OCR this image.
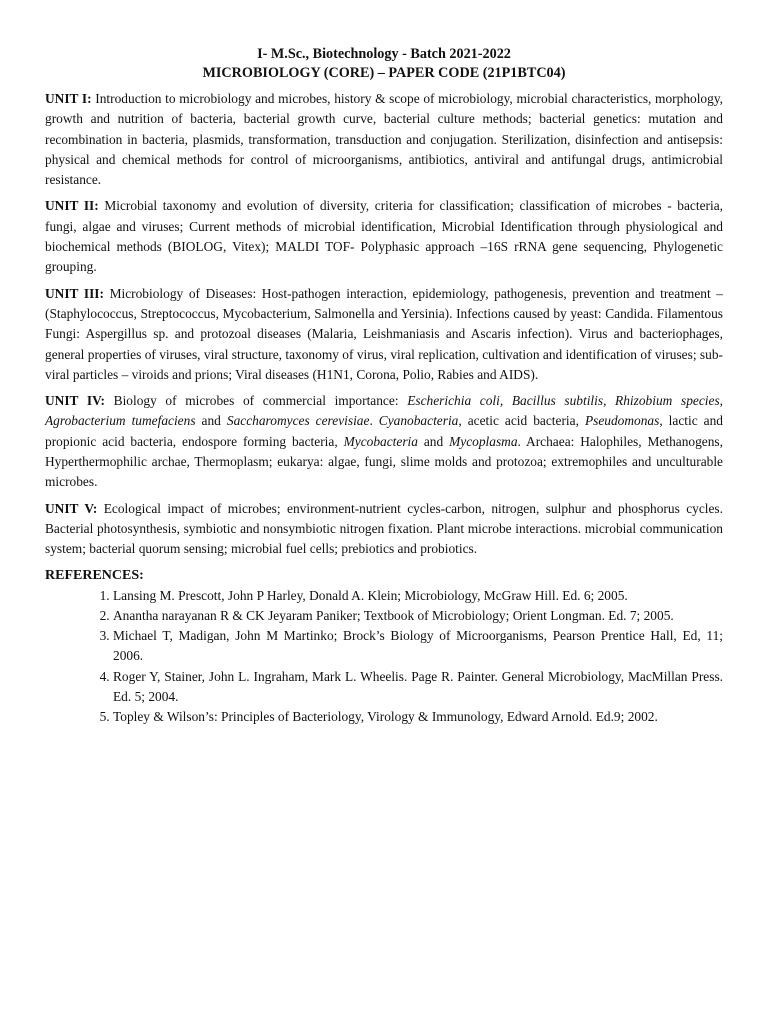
I- M.Sc., Biotechnology - Batch 2021-2022

MICROBIOLOGY (CORE) – PAPER CODE (21P1BTC04)

UNIT I: Introduction to microbiology and microbes, history & scope of microbiology, microbial characteristics, morphology, growth and nutrition of bacteria, bacterial growth curve, bacterial culture methods; bacterial genetics: mutation and recombination in bacteria, plasmids, transformation, transduction and conjugation. Sterilization, disinfection and antisepsis: physical and chemical methods for control of microorganisms, antibiotics, antiviral and antifungal drugs, antimicrobial resistance.

UNIT II: Microbial taxonomy and evolution of diversity, criteria for classification; classification of microbes - bacteria, fungi, algae and viruses; Current methods of microbial identification, Microbial Identification through physiological and biochemical methods (BIOLOG, Vitex); MALDI TOF- Polyphasic approach –16S rRNA gene sequencing, Phylogenetic grouping.

UNIT III: Microbiology of Diseases: Host-pathogen interaction, epidemiology, pathogenesis, prevention and treatment – (Staphylococcus, Streptococcus, Mycobacterium, Salmonella and Yersinia). Infections caused by yeast: Candida. Filamentous Fungi: Aspergillus sp. and protozoal diseases (Malaria, Leishmaniasis and Ascaris infection). Virus and bacteriophages, general properties of viruses, viral structure, taxonomy of virus, viral replication, cultivation and identification of viruses; sub-viral particles – viroids and prions; Viral diseases (H1N1, Corona, Polio, Rabies and AIDS).

UNIT IV: Biology of microbes of commercial importance: Escherichia coli, Bacillus subtilis, Rhizobium species, Agrobacterium tumefaciens and Saccharomyces cerevisiae. Cyanobacteria, acetic acid bacteria, Pseudomonas, lactic and propionic acid bacteria, endospore forming bacteria, Mycobacteria and Mycoplasma. Archaea: Halophiles, Methanogens, Hyperthermophilic archae, Thermoplasm; eukarya: algae, fungi, slime molds and protozoa; extremophiles and unculturable microbes.

UNIT V: Ecological impact of microbes; environment-nutrient cycles-carbon, nitrogen, sulphur and phosphorus cycles. Bacterial photosynthesis, symbiotic and nonsymbiotic nitrogen fixation. Plant microbe interactions. microbial communication system; bacterial quorum sensing; microbial fuel cells; prebiotics and probiotics.

REFERENCES:

1. Lansing M. Prescott, John P Harley, Donald A. Klein; Microbiology, McGraw Hill. Ed. 6; 2005.
2. Anantha narayanan R & CK Jeyaram Paniker; Textbook of Microbiology; Orient Longman. Ed. 7; 2005.
3. Michael T, Madigan, John M Martinko; Brock’s Biology of Microorganisms, Pearson Prentice Hall, Ed, 11; 2006.
4. Roger Y, Stainer, John L. Ingraham, Mark L. Wheelis. Page R. Painter. General Microbiology, MacMillan Press. Ed. 5; 2004.
5. Topley & Wilson’s: Principles of Bacteriology, Virology & Immunology, Edward Arnold. Ed.9; 2002.
